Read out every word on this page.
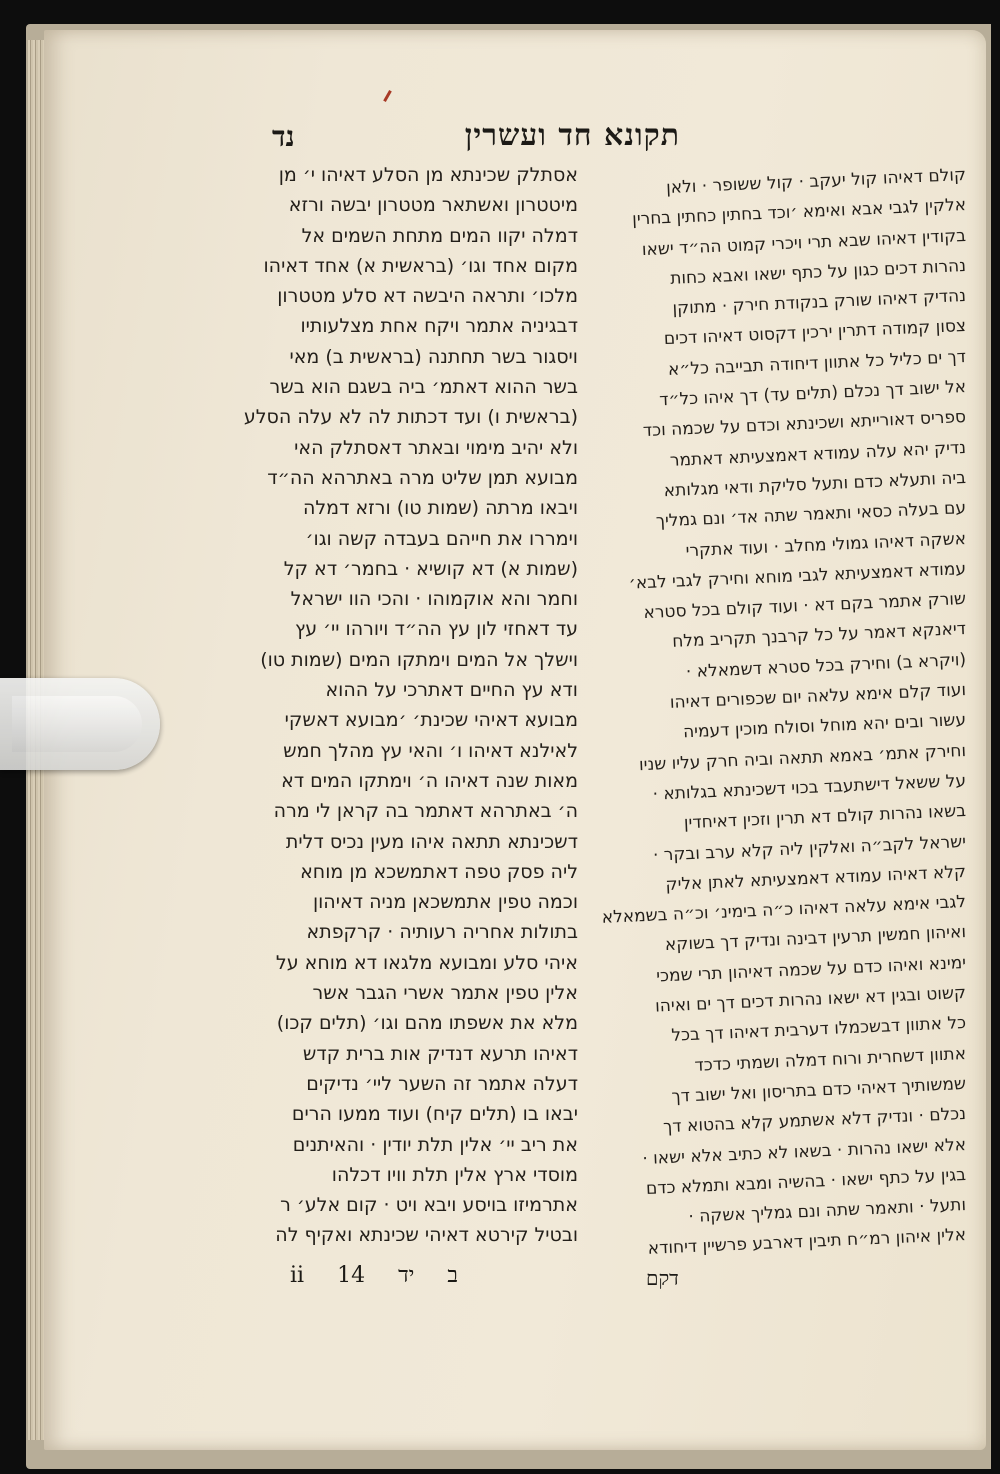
תקונא חד ועשרין
נד
קולם דאיהו קול יעקב · קול ששופר · ולאן
אלקין לגבי אבא ואימא ׳וכד בחתין כחתין בחרין
בקודין דאיהו שבא תרי ויכרי קמוט הה״ד ישאו
נהרות דכים כגון על כתף ישאו ואבא כחות
נהדיק דאיהו שורק בנקודת חירק · מתוקן
צסון קמודה דתרין ירכין דקסוט דאיהו דכים
דך ים כליל כל אתוון דיחודה תבייבה כל״א
אל ישוב דך נכלם (תלים עד) דך איהו כל״ד
ספריס דאורייתא ושכינתא וכדם על שכמה וכד
נדיק יהא עלה עמודא דאמצעיתא דאתמר
ביה ותעלא כדם ותעל סליקת ודאי מגלותא
עם בעלה כסאי ותאמר שתה אד׳ ונם גמליך
אשקה דאיהו גמולי מחלב · ועוד אתקרי
עמודא דאמצעיתא לגבי מוחא וחירק לגבי לבא׳
שורק אתמר בקם דא · ועוד קולם בכל סטרא
דיאנקא דאמר על כל קרבנך תקריב מלח
(ויקרא ב) וחירק בכל סטרא דשמאלא ·
ועוד קלם אימא עלאה יום שכפורים דאיהו
עשור ובים יהא מוחל וסולח מוכין דעמיה
וחירק אתמ׳ באמא תתאה וביה חרק עליו שניו
על ששאל דישתעבד בכוי דשכינתא בגלותא ·
בשאו נהרות קולם דא תרין וזכין דאיחדין
ישראל לקב״ה ואלקין ליה קלא ערב ובקר ·
קלא דאיהו עמודא דאמצעיתא לאתן אליק
לגבי אימא עלאה דאיהו כ״ה בימינ׳ וכ״ה בשמאלא
ואיהון חמשין תרעין דבינה ונדיק דך בשוקא
ימינא ואיהו כדם על שכמה דאיהון תרי שמכי
קשוט ובגין דא ישאו נהרות דכים דך ים ואיהו
כל אתוון דבשכמלו דערבית דאיהו דך בכל
אתוון דשחרית ורוח דמלה ושמתי כדכד
שמשותיך דאיהי כדם בתריסון ואל ישוב דך
נכלם · ונדיק דלא אשתמע קלא בהטוא דך
אלא ישאו נהרות · בשאו לא כתיב אלא ישאו ·
בגין על כתף ישאו · בהשיה ומבא ותמלא כדם
ותעל · ותאמר שתה ונם גמליך אשקה ·
אלין איהון רמ״ח תיבין דארבע פרשיין דיחודא
אסתלק שכינתא מן הסלע דאיהו י׳ מן
מיטטרון ואשתאר מטטרון יבשה ורזא
דמלה יקוו המים מתחת השמים אל
מקום אחד וגו׳ (בראשית א) אחד דאיהו
מלכו׳ ותראה היבשה דא סלע מטטרון
דבגיניה אתמר ויקח אחת מצלעותיו
ויסגור בשר תחתנה (בראשית ב) מאי
בשר ההוא דאתמ׳ ביה בשגם הוא בשר
(בראשית ו) ועד דכתות לה לא עלה הסלע
ולא יהיב מימוי ובאתר דאסתלק האי
מבועא תמן שליט מרה באתרהא הה״ד
ויבאו מרתה (שמות טו) ורזא דמלה
וימררו את חייהם בעבדה קשה וגו׳
(שמות א) דא קושיא · בחמר׳ דא קל
וחמר והא אוקמוהו · והכי הוו ישראל
עד דאחזי לון עץ הה״ד ויורהו יי׳ עץ
וישלך אל המים וימתקו המים (שמות טו)
ודא עץ החיים דאתרכי על ההוא
מבועא דאיהי שכינת׳ ׳מבועא דאשקי
לאילנא דאיהו ו׳ והאי עץ מהלך חמש
מאות שנה דאיהו ה׳ וימתקו המים דא
ה׳ באתרהא דאתמר בה קראן לי מרה
דשכינתא תתאה איהו מעין נכיס דלית
ליה פסק טפה דאתמשכא מן מוחא
וכמה טפין אתמשכאן מניה דאיהון
בתולות אחריה רעותיה · קרקפתא
איהי סלע ומבועא מלגאו דא מוחא על
אלין טפין אתמר אשרי הגבר אשר
מלא את אשפתו מהם וגו׳ (תלים קכו)
דאיהו תרעא דנדיק אות ברית קדש
דעלה אתמר זה השער ליי׳ נדיקים
יבאו בו (תלים קיח) ועוד ממעו הרים
את ריב יי׳ אלין תלת יודין · והאיתנים
מוסדי ארץ אלין תלת וויו דכלהו
אתרמיזו בויסע ויבא ויט · קום אלע׳ ר
ובטיל קירטא דאיהי שכינתא ואקיף לה
ii 14 ב יד	דקם
